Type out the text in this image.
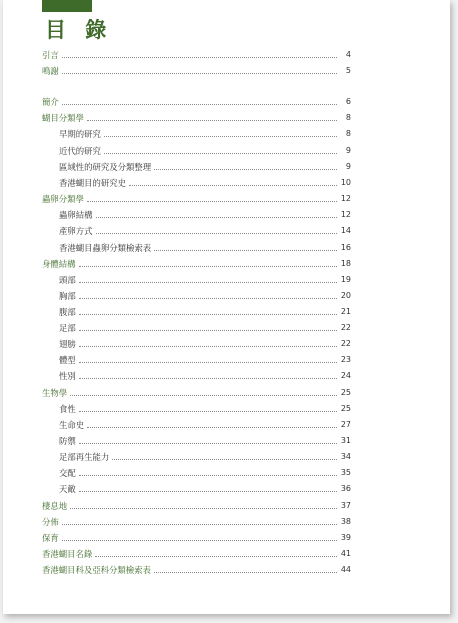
目 錄
引言	4
鳴謝	5
簡介	6
蝴目分類學	8
早期的研究	8
近代的研究	9
區域性的研究及分類整理	9
香港蝴目的研究史	10
蟲卵分類學	12
蟲卵結構	12
產卵方式	14
香港蝴目蟲卵分類檢索表	16
身體結構	18
頭部	19
胸部	20
腹部	21
足部	22
翅膀	22
體型	23
性別	24
生物學	25
食性	25
生命史	27
防禦	31
足部再生能力	34
交配	35
天敵	36
棲息地	37
分佈	38
保育	39
香港蝴目名錄	41
香港蝴目科及亞科分類檢索表	44
